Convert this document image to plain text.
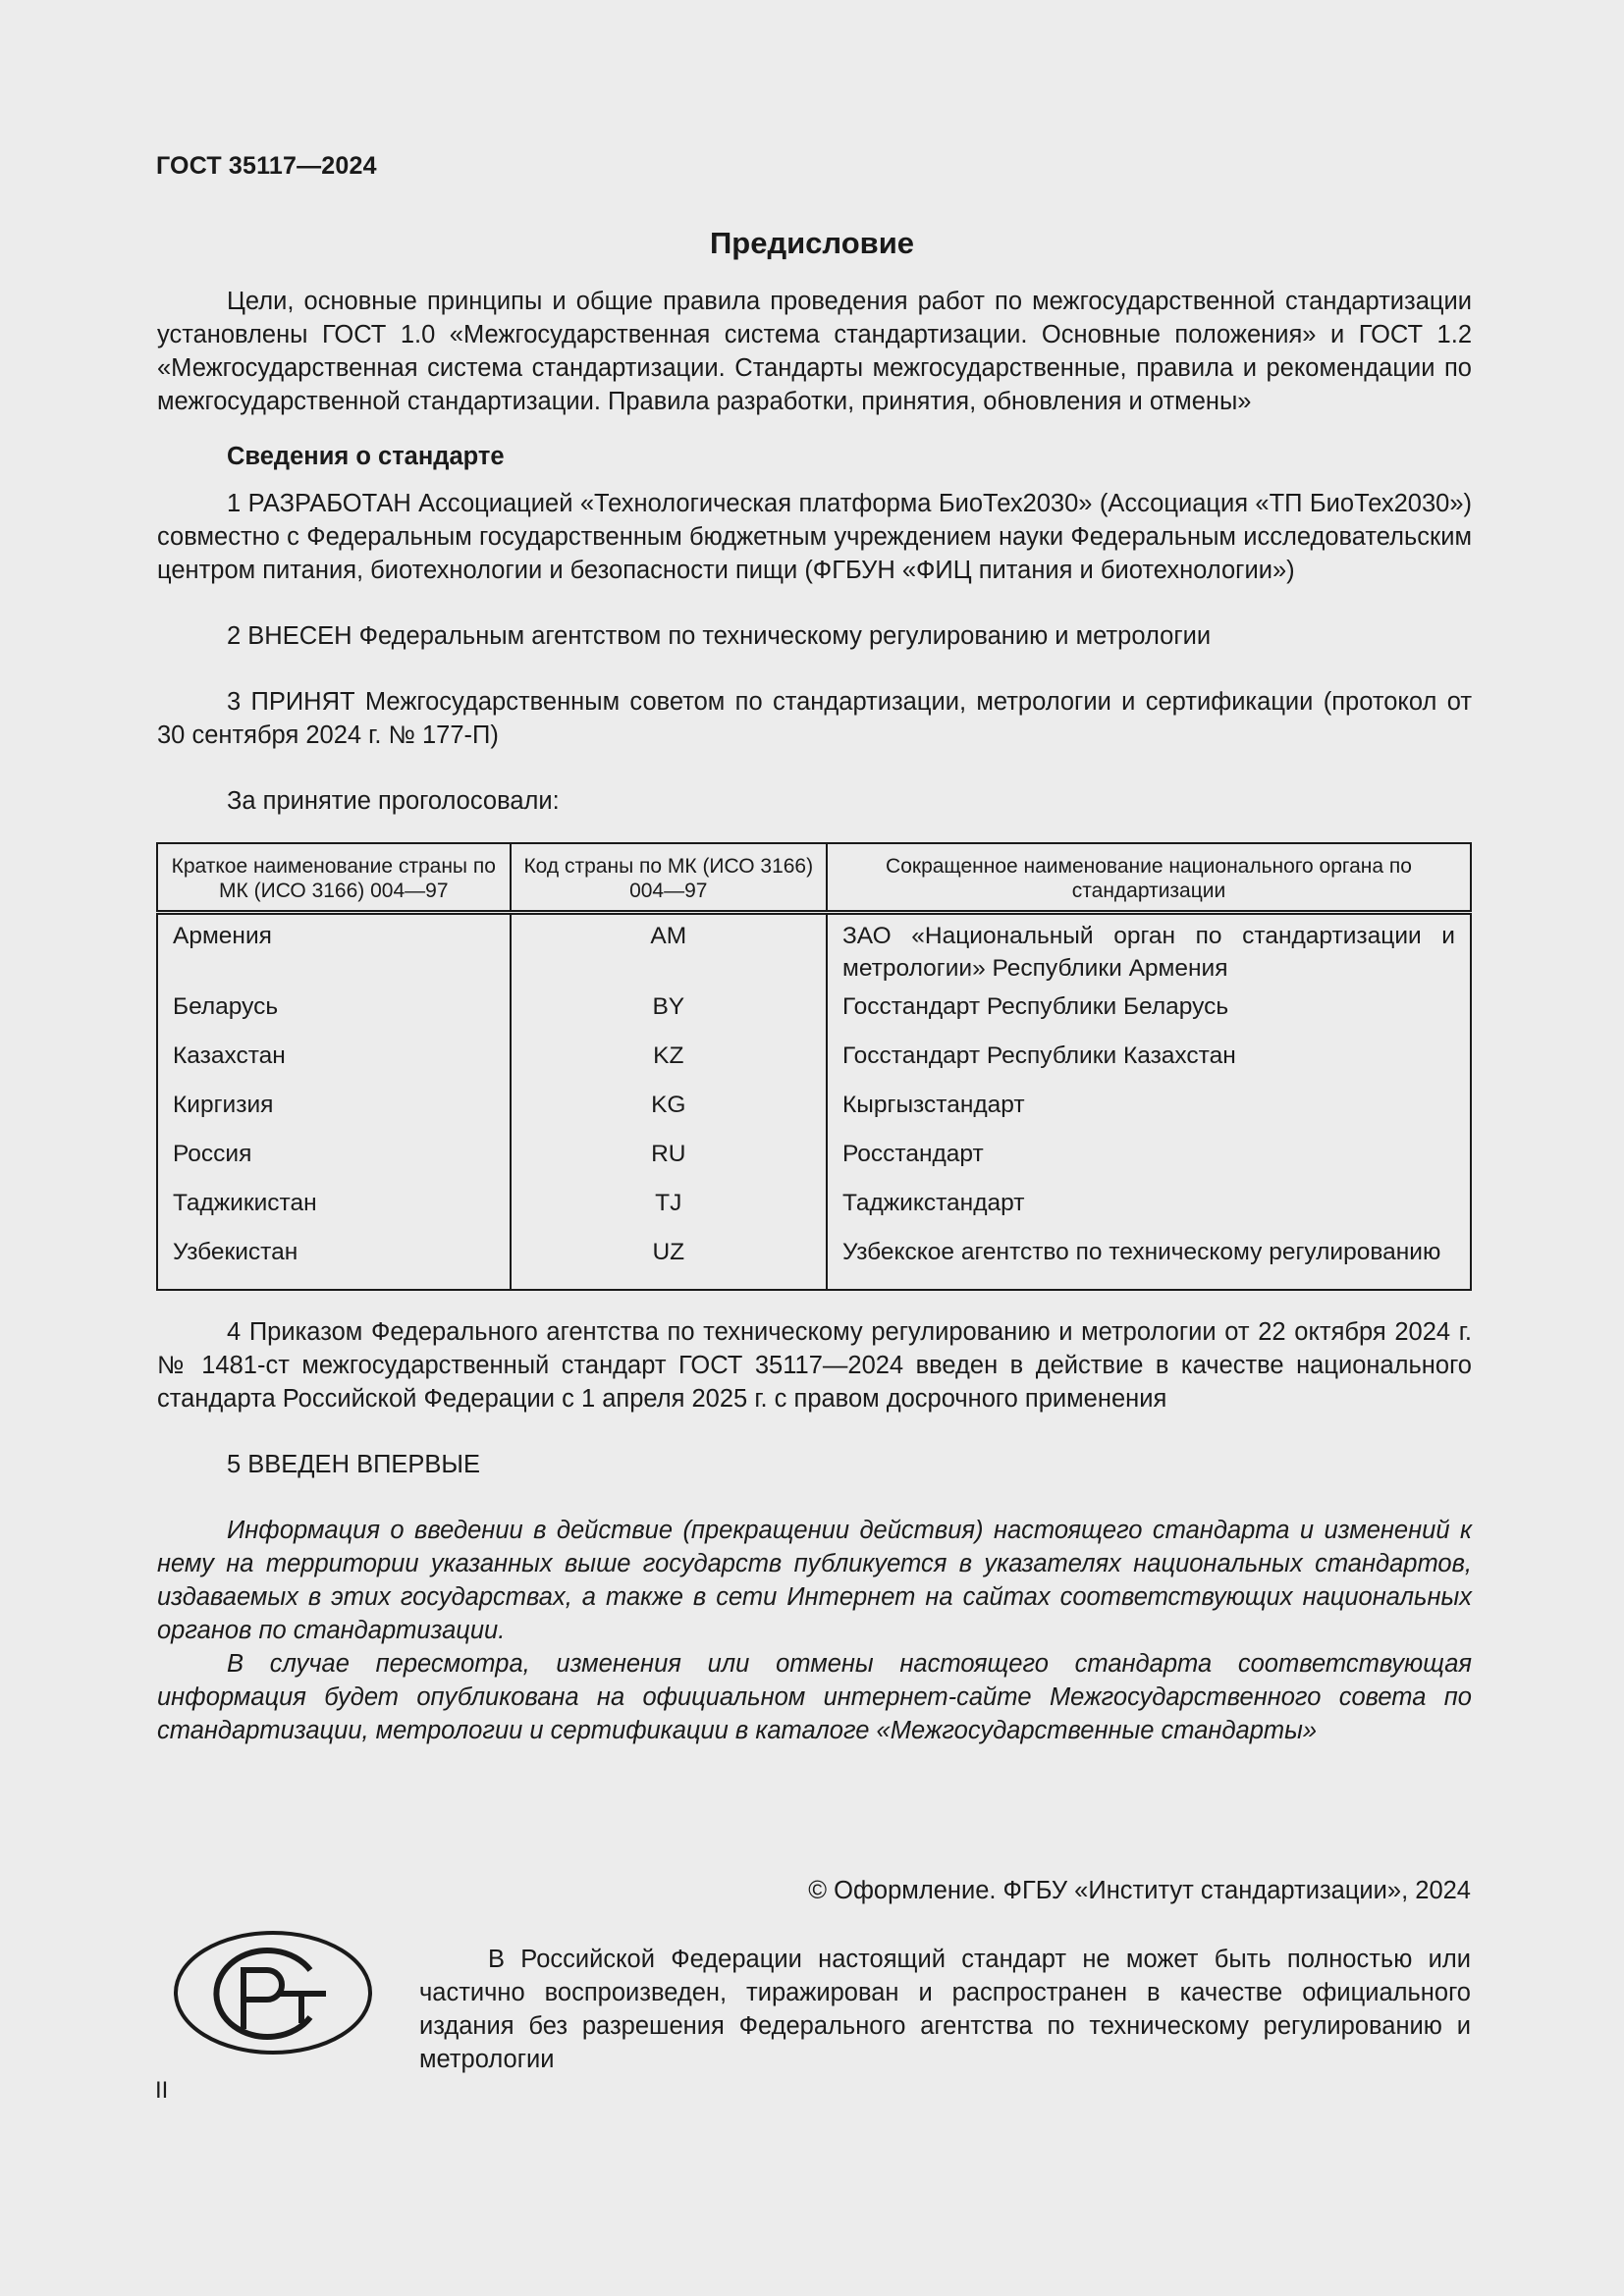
ГОСТ 35117—2024
Предисловие

Цели, основные принципы и общие правила проведения работ по межгосударственной стандартизации установлены ГОСТ 1.0 «Межгосударственная система стандартизации. Основные положения» и ГОСТ 1.2 «Межгосударственная система стандартизации. Стандарты межгосударственные, правила и рекомендации по межгосударственной стандартизации. Правила разработки, принятия, обновления и отмены»

Сведения о стандарте

1 РАЗРАБОТАН Ассоциацией «Технологическая платформа БиоТех2030» (Ассоциация «ТП БиоТех2030») совместно с Федеральным государственным бюджетным учреждением науки Федеральным исследовательским центром питания, биотехнологии и безопасности пищи (ФГБУН «ФИЦ питания и биотехнологии»)

2 ВНЕСЕН Федеральным агентством по техническому регулированию и метрологии

3 ПРИНЯТ Межгосударственным советом по стандартизации, метрологии и сертификации (протокол от 30 сентября 2024 г. № 177-П)

За принятие проголосовали:

Краткое наименование страны по МК (ИСО 3166) 004—97	Код страны по МК (ИСО 3166) 004—97	Сокращенное наименование национального органа по стандартизации
Армения	AM	ЗАО «Национальный орган по стандартизации и метрологии» Республики Армения
Беларусь	BY	Госстандарт Республики Беларусь
Казахстан	KZ	Госстандарт Республики Казахстан
Киргизия	KG	Кыргызстандарт
Россия	RU	Росстандарт
Таджикистан	TJ	Таджикстандарт
Узбекистан	UZ	Узбекское агентство по техническому регулированию

4 Приказом Федерального агентства по техническому регулированию и метрологии от 22 октября 2024 г. № 1481-ст межгосударственный стандарт ГОСТ 35117—2024 введен в действие в качестве национального стандарта Российской Федерации с 1 апреля 2025 г. с правом досрочного применения

5 ВВЕДЕН ВПЕРВЫЕ

Информация о введении в действие (прекращении действия) настоящего стандарта и изменений к нему на территории указанных выше государств публикуется в указателях национальных стандартов, издаваемых в этих государствах, а также в сети Интернет на сайтах соответствующих национальных органов по стандартизации.

В случае пересмотра, изменения или отмены настоящего стандарта соответствующая информация будет опубликована на официальном интернет-сайте Межгосударственного совета по стандартизации, метрологии и сертификации в каталоге «Межгосударственные стандарты»

© Оформление. ФГБУ «Институт стандартизации», 2024

В Российской Федерации настоящий стандарт не может быть полностью или частично воспроизведен, тиражирован и распространен в качестве официального издания без разрешения Федерального агентства по техническому регулированию и метрологии

II
